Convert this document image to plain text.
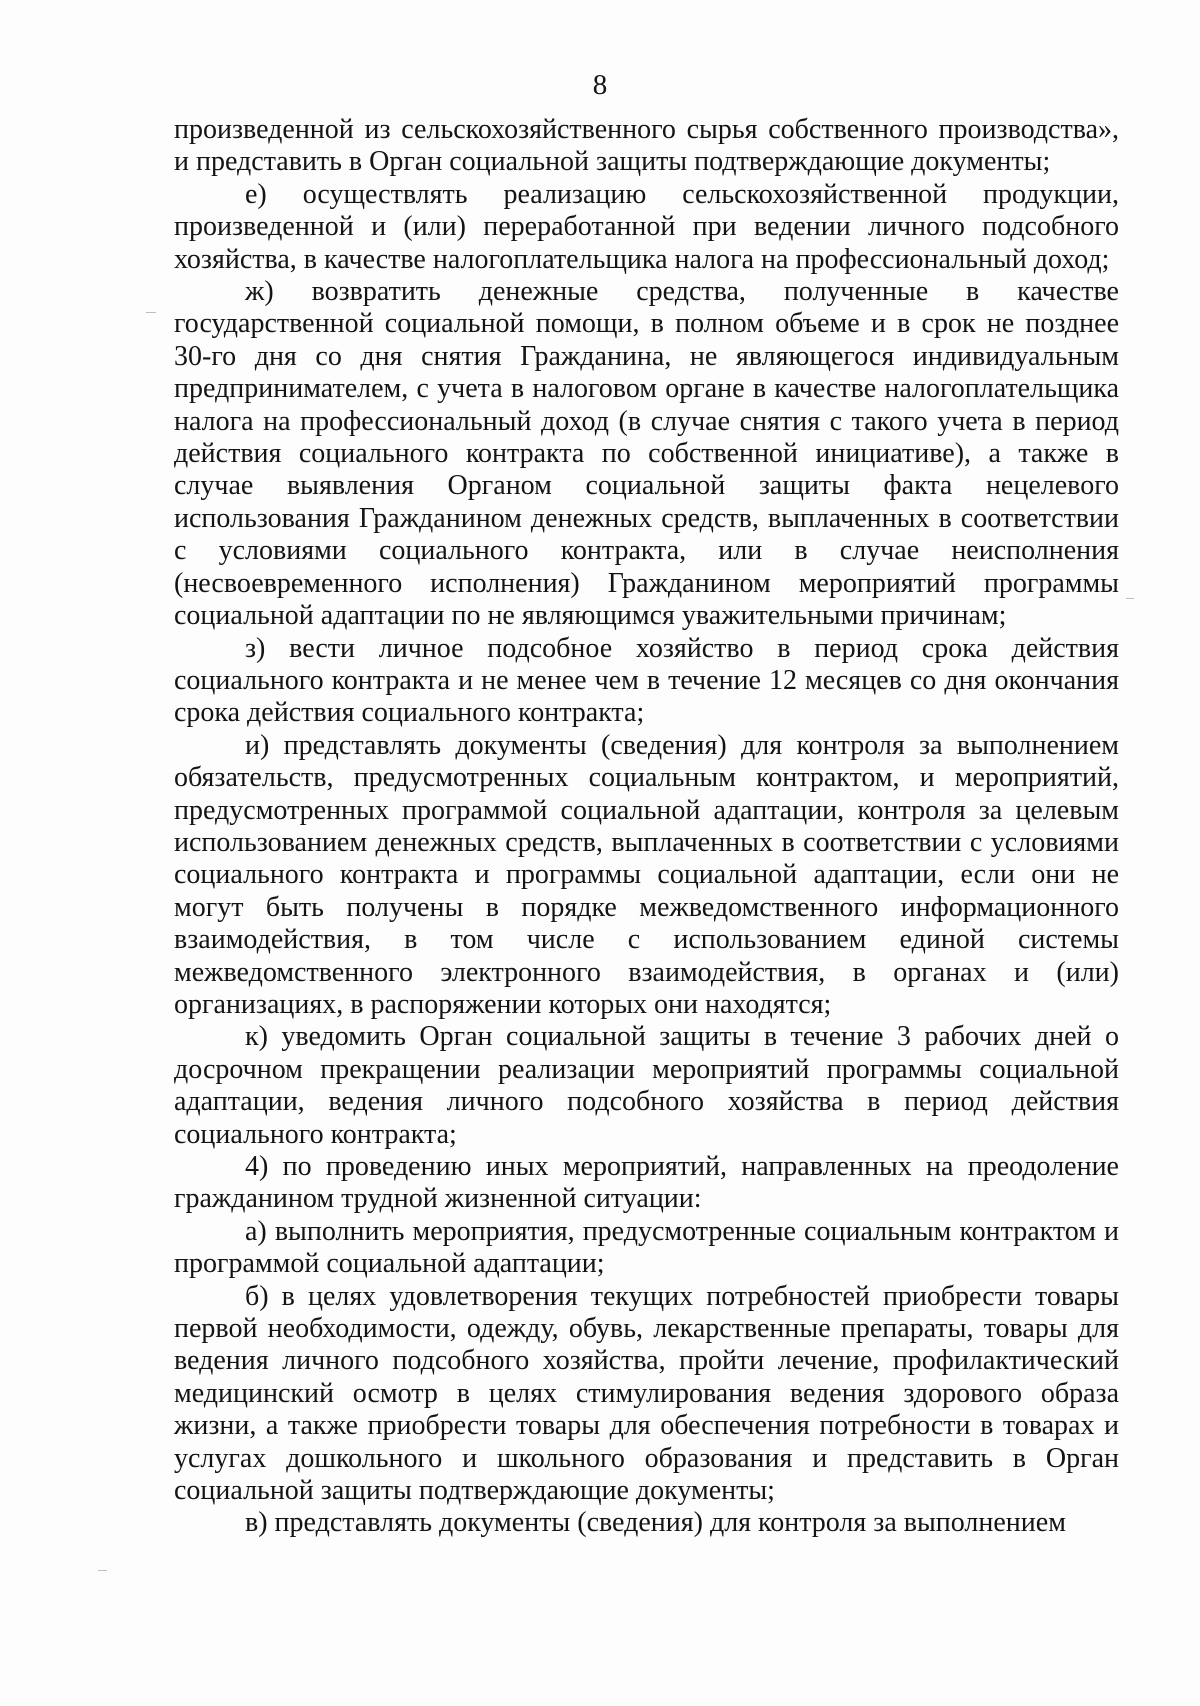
8

произведенной из сельскохозяйственного сырья собственного производства», и представить в Орган социальной защиты подтверждающие документы;

е) осуществлять реализацию сельскохозяйственной продукции, произведенной и (или) переработанной при ведении личного подсобного хозяйства, в качестве налогоплательщика налога на профессиональный доход;

ж) возвратить денежные средства, полученные в качестве государственной социальной помощи, в полном объеме и в срок не позднее 30-го дня со дня снятия Гражданина, не являющегося индивидуальным предпринимателем, с учета в налоговом органе в качестве налогоплательщика налога на профессиональный доход (в случае снятия с такого учета в период действия социального контракта по собственной инициативе), а также в случае выявления Органом социальной защиты факта нецелевого использования Гражданином денежных средств, выплаченных в соответствии с условиями социального контракта, или в случае неисполнения (несвоевременного исполнения) Гражданином мероприятий программы социальной адаптации по не являющимся уважительными причинам;

з) вести личное подсобное хозяйство в период срока действия социального контракта и не менее чем в течение 12 месяцев со дня окончания срока действия социального контракта;

и) представлять документы (сведения) для контроля за выполнением обязательств, предусмотренных социальным контрактом, и мероприятий, предусмотренных программой социальной адаптации, контроля за целевым использованием денежных средств, выплаченных в соответствии с условиями социального контракта и программы социальной адаптации, если они не могут быть получены в порядке межведомственного информационного взаимодействия, в том числе с использованием единой системы межведомственного электронного взаимодействия, в органах и (или) организациях, в распоряжении которых они находятся;

к) уведомить Орган социальной защиты в течение 3 рабочих дней о досрочном прекращении реализации мероприятий программы социальной адаптации, ведения личного подсобного хозяйства в период действия социального контракта;

4) по проведению иных мероприятий, направленных на преодоление гражданином трудной жизненной ситуации:

а) выполнить мероприятия, предусмотренные социальным контрактом и программой социальной адаптации;

б) в целях удовлетворения текущих потребностей приобрести товары первой необходимости, одежду, обувь, лекарственные препараты, товары для ведения личного подсобного хозяйства, пройти лечение, профилактический медицинский осмотр в целях стимулирования ведения здорового образа жизни, а также приобрести товары для обеспечения потребности в товарах и услугах дошкольного и школьного образования и представить в Орган социальной защиты подтверждающие документы;

в) представлять документы (сведения) для контроля за выполнением
